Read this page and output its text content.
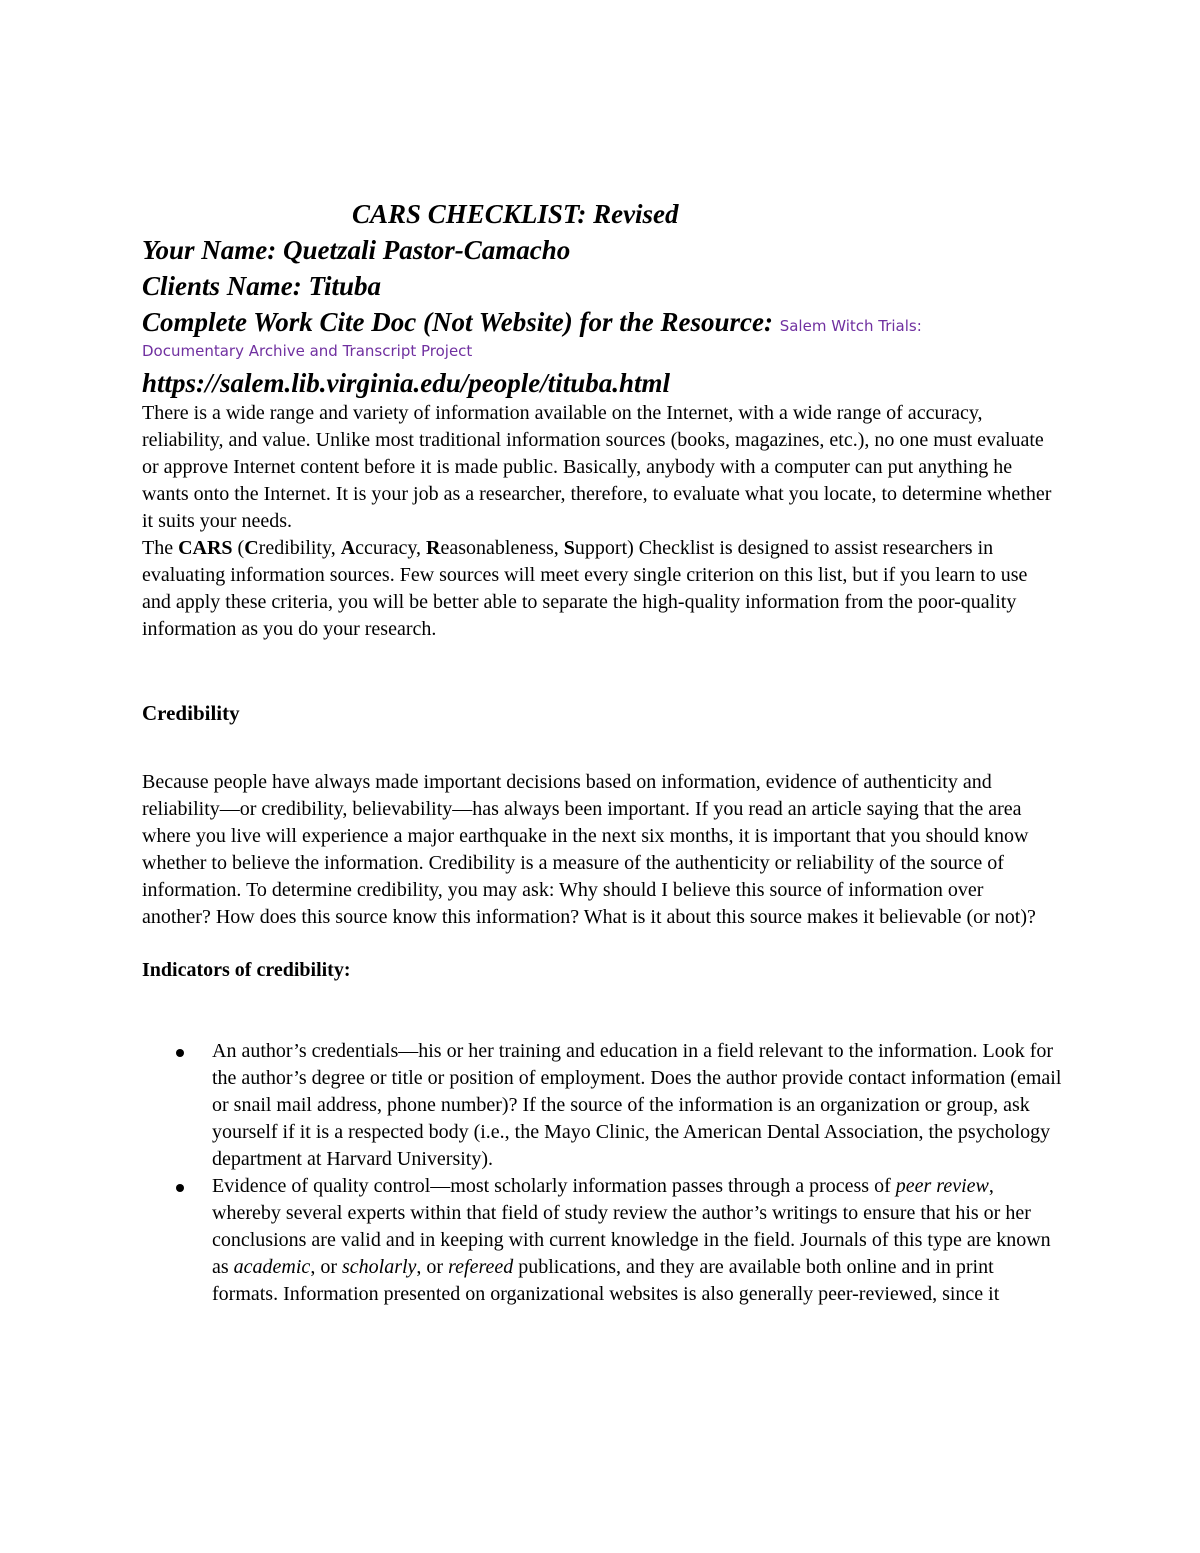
CARS CHECKLIST: Revised
Your Name: Quetzali Pastor-Camacho
Clients Name: Tituba
Complete Work Cite Doc (Not Website) for the Resource: Salem Witch Trials:
Documentary Archive and Transcript Project
https://salem.lib.virginia.edu/people/tituba.html

There is a wide range and variety of information available on the Internet, with a wide range of accuracy, reliability, and value. Unlike most traditional information sources (books, magazines, etc.), no one must evaluate or approve Internet content before it is made public. Basically, anybody with a computer can put anything he wants onto the Internet. It is your job as a researcher, therefore, to evaluate what you locate, to determine whether it suits your needs.

The CARS (Credibility, Accuracy, Reasonableness, Support) Checklist is designed to assist researchers in evaluating information sources. Few sources will meet every single criterion on this list, but if you learn to use and apply these criteria, you will be better able to separate the high-quality information from the poor-quality information as you do your research.

Credibility

Because people have always made important decisions based on information, evidence of authenticity and reliability—or credibility, believability—has always been important. If you read an article saying that the area where you live will experience a major earthquake in the next six months, it is important that you should know whether to believe the information. Credibility is a measure of the authenticity or reliability of the source of information. To determine credibility, you may ask: Why should I believe this source of information over another? How does this source know this information? What is it about this source makes it believable (or not)?

Indicators of credibility:
An author’s credentials—his or her training and education in a field relevant to the information. Look for the author’s degree or title or position of employment. Does the author provide contact information (email or snail mail address, phone number)? If the source of the information is an organization or group, ask yourself if it is a respected body (i.e., the Mayo Clinic, the American Dental Association, the psychology department at Harvard University).
Evidence of quality control—most scholarly information passes through a process of peer review, whereby several experts within that field of study review the author’s writings to ensure that his or her conclusions are valid and in keeping with current knowledge in the field. Journals of this type are known as academic, or scholarly, or refereed publications, and they are available both online and in print formats. Information presented on organizational websites is also generally peer-reviewed, since it
